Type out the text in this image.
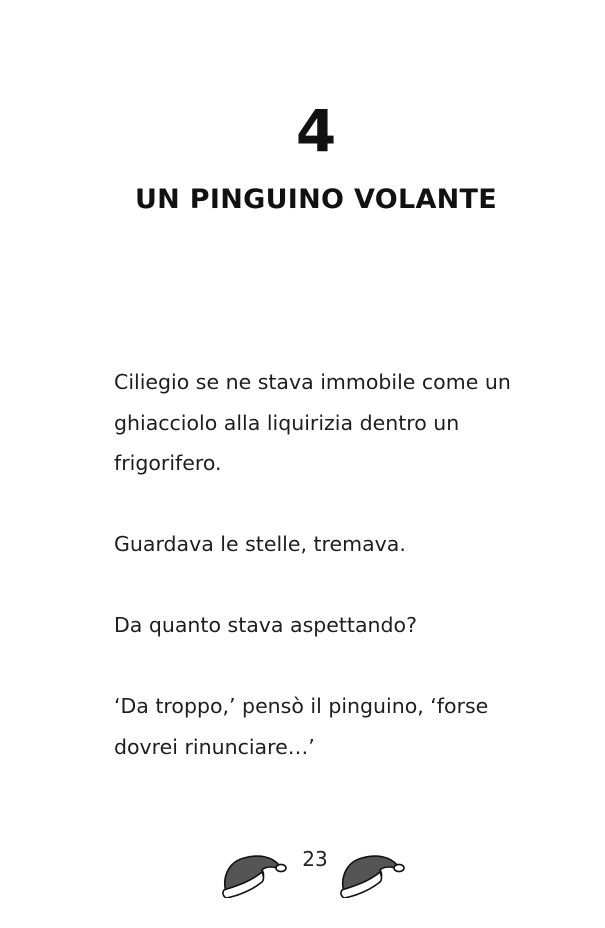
4
UN PINGUINO VOLANTE

Ciliegio se ne stava immobile come un ghiacciolo alla liquirizia dentro un frigorifero.

Guardava le stelle, tremava.

Da quanto stava aspettando?

‘Da troppo,’ pensò il pinguino, ‘forse dovrei rinunciare…’

23
